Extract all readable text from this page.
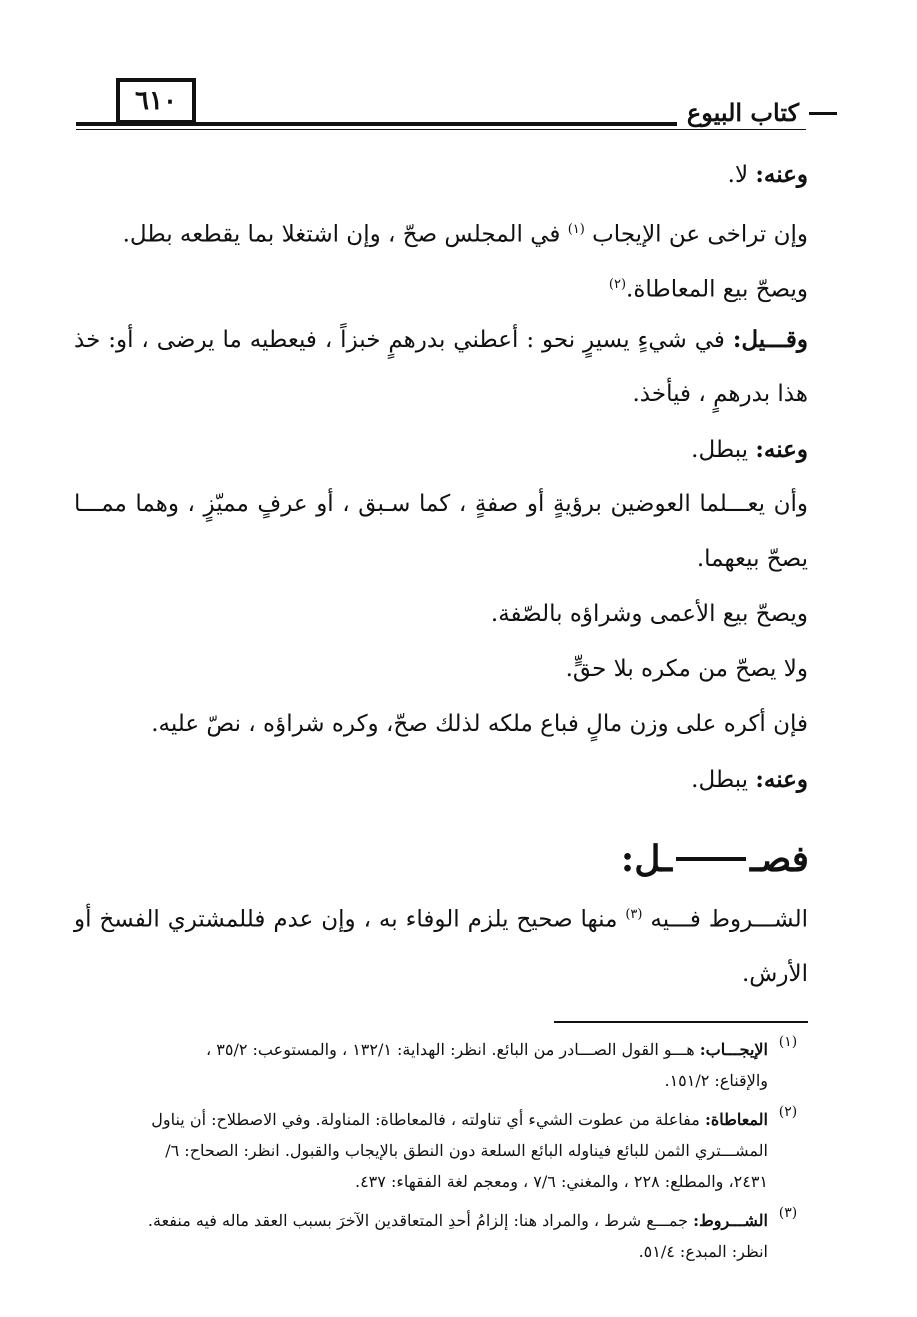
٦١٠	كتاب البيوع
وعنه: لا.
وإن تراخى عن الإيجاب $^{(١)}$ في المجلس صحّ ، وإن اشتغلا بما يقطعه بطل.
ويصحّ بيع المعاطاة.$^{(٢)}$
وقـــيل: في شيءٍ يسيرٍ نحو : أعطني بدرهمٍ خبزاً ، فيعطيه ما يرضى ، أو: خذ
هذا بدرهمٍ ، فيأخذ.
وعنه: يبطل.
وأن يعـــلما العوضين برؤيةٍ أو صفةٍ ، كما سـبق ، أو عرفٍ مميّزٍ ، وهما ممـــا
يصحّ بيعهما.
ويصحّ بيع الأعمى وشراؤه بالصّفة.
ولا يصحّ من مكره بلا حقٍّ.
فإن أكره على وزن مالٍ فباع ملكه لذلك صحّ، وكره شراؤه ، نصّ عليه.
وعنه: يبطل.
فصـ
ـل:
الشـــروط فـــيه $^{(٣)}$ منها صحيح يلزم الوفاء به ، وإن عدم فللمشتري الفسخ أو
الأرش.
(١)
الإيجـــاب: هـــو القول الصـــادر من البائع. انظر: الهداية: ١٣٢/١ ، والمستوعب: ٣٥/٢ ،
والإقناع: ١٥١/٢.
(٢)
المعاطاة: مفاعلة من عطوت الشيء أي تناولته ، فالمعاطاة: المناولة. وفي الاصطلاح: أن يناول
المشـــتري الثمن للبائع فيناوله البائع السلعة دون النطق بالإيجاب والقبول. انظر: الصحاح: ٦/
٢٤٣١، والمطلع: ٢٢٨ ، والمغني: ٧/٦ ، ومعجم لغة الفقهاء: ٤٣٧.
(٣)
الشـــروط: جمـــع شرط ، والمراد هنا: إلزامُ أحدِ المتعاقدين الآخرَ بسبب العقد ماله فيه منفعة.
انظر: المبدع: ٥١/٤.
